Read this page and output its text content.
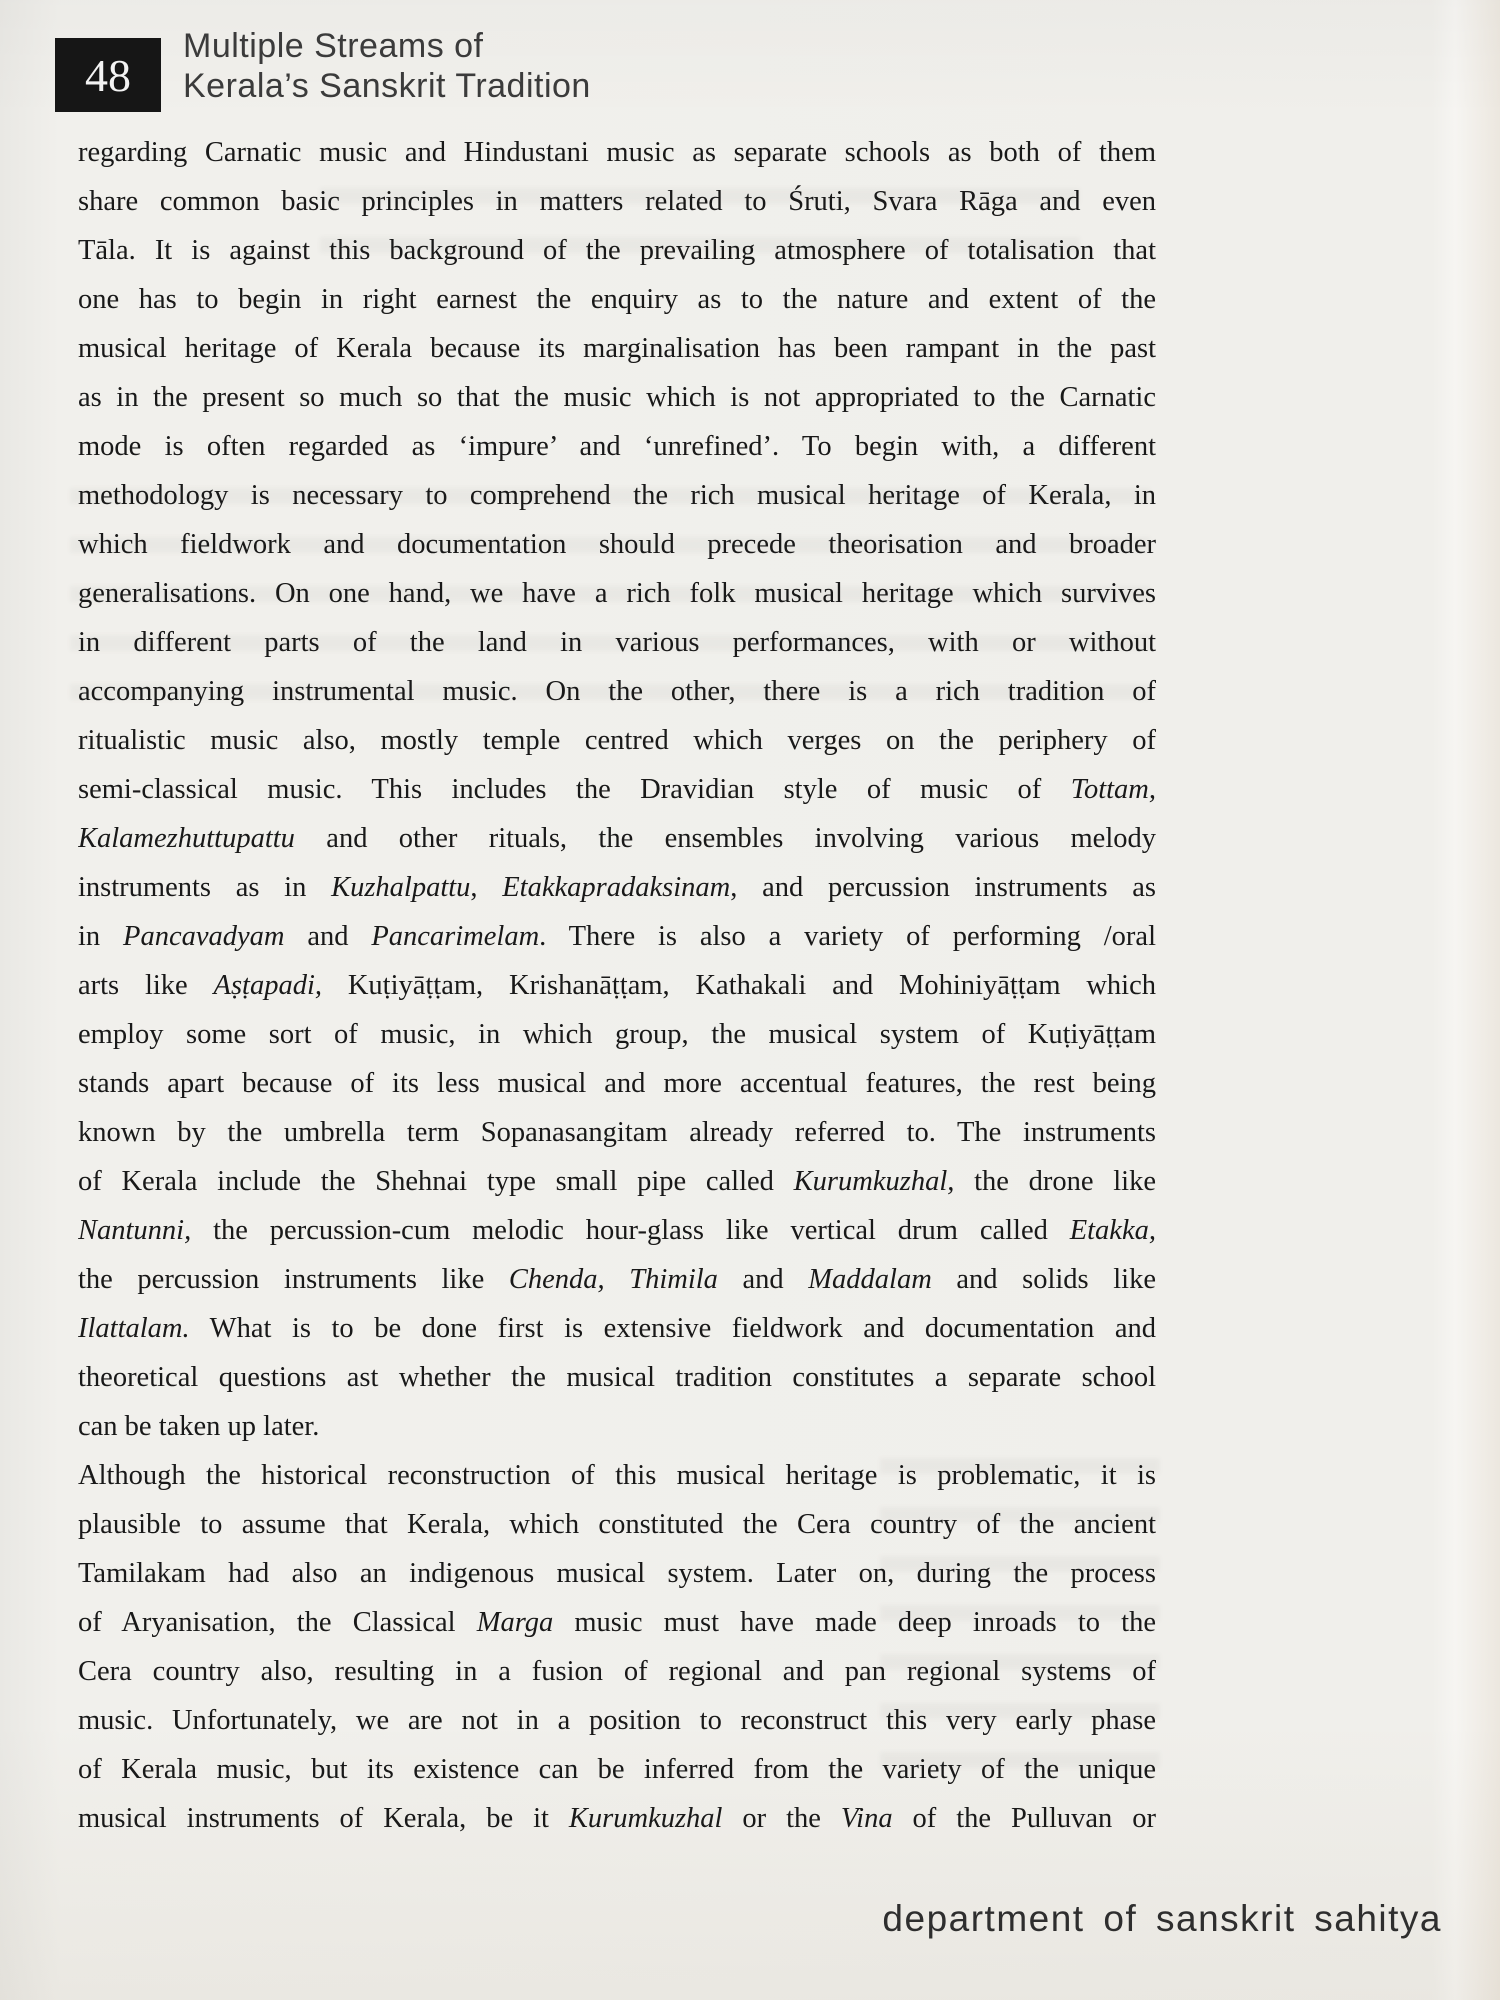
48
Multiple Streams of
Kerala’s Sanskrit Tradition
regarding Carnatic music and Hindustani music as separate schools as both of them
share common basic principles in matters related to Śruti, Svara Rāga and even
Tāla. It is against this background of the prevailing atmosphere of totalisation that
one has to begin in right earnest the enquiry as to the nature and extent of the
musical heritage of Kerala because its marginalisation has been rampant in the past
as in the present so much so that the music which is not appropriated to the Carnatic
mode is often regarded as ‘impure’ and ‘unrefined’. To begin with, a different
methodology is necessary to comprehend the rich musical heritage of Kerala, in
which fieldwork and documentation should precede theorisation and broader
generalisations. On one hand, we have a rich folk musical heritage which survives
in different parts of the land in various performances, with or without
accompanying instrumental music. On the other, there is a rich tradition of
ritualistic music also, mostly temple centred which verges on the periphery of
semi-classical music. This includes the Dravidian style of music of Tottam,
Kalamezhuttupattu and other rituals, the ensembles involving various melody
instruments as in Kuzhalpattu, Etakkapradaksinam, and percussion instruments as
in Pancavadyam and Pancarimelam. There is also a variety of performing /oral
arts like Aṣṭapadi, Kuṭiyāṭṭam, Krishanāṭṭam, Kathakali and Mohiniyāṭṭam which
employ some sort of music, in which group, the musical system of Kuṭiyāṭṭam
stands apart because of its less musical and more accentual features, the rest being
known by the umbrella term Sopanasangitam already referred to. The instruments
of Kerala include the Shehnai type small pipe called Kurumkuzhal, the drone like
Nantunni, the percussion-cum melodic hour-glass like vertical drum called Etakka,
the percussion instruments like Chenda, Thimila and Maddalam and solids like
Ilattalam. What is to be done first is extensive fieldwork and documentation and
theoretical questions ast whether the musical tradition constitutes a separate school
can be taken up later.
Although the historical reconstruction of this musical heritage is problematic, it is
plausible to assume that Kerala, which constituted the Cera country of the ancient
Tamilakam had also an indigenous musical system. Later on, during the process
of Aryanisation, the Classical Marga music must have made deep inroads to the
Cera country also, resulting in a fusion of regional and pan regional systems of
music. Unfortunately, we are not in a position to reconstruct this very early phase
of Kerala music, but its existence can be inferred from the variety of the unique
musical instruments of Kerala, be it Kurumkuzhal or the Vina of the Pulluvan or
department of sanskrit sahitya
